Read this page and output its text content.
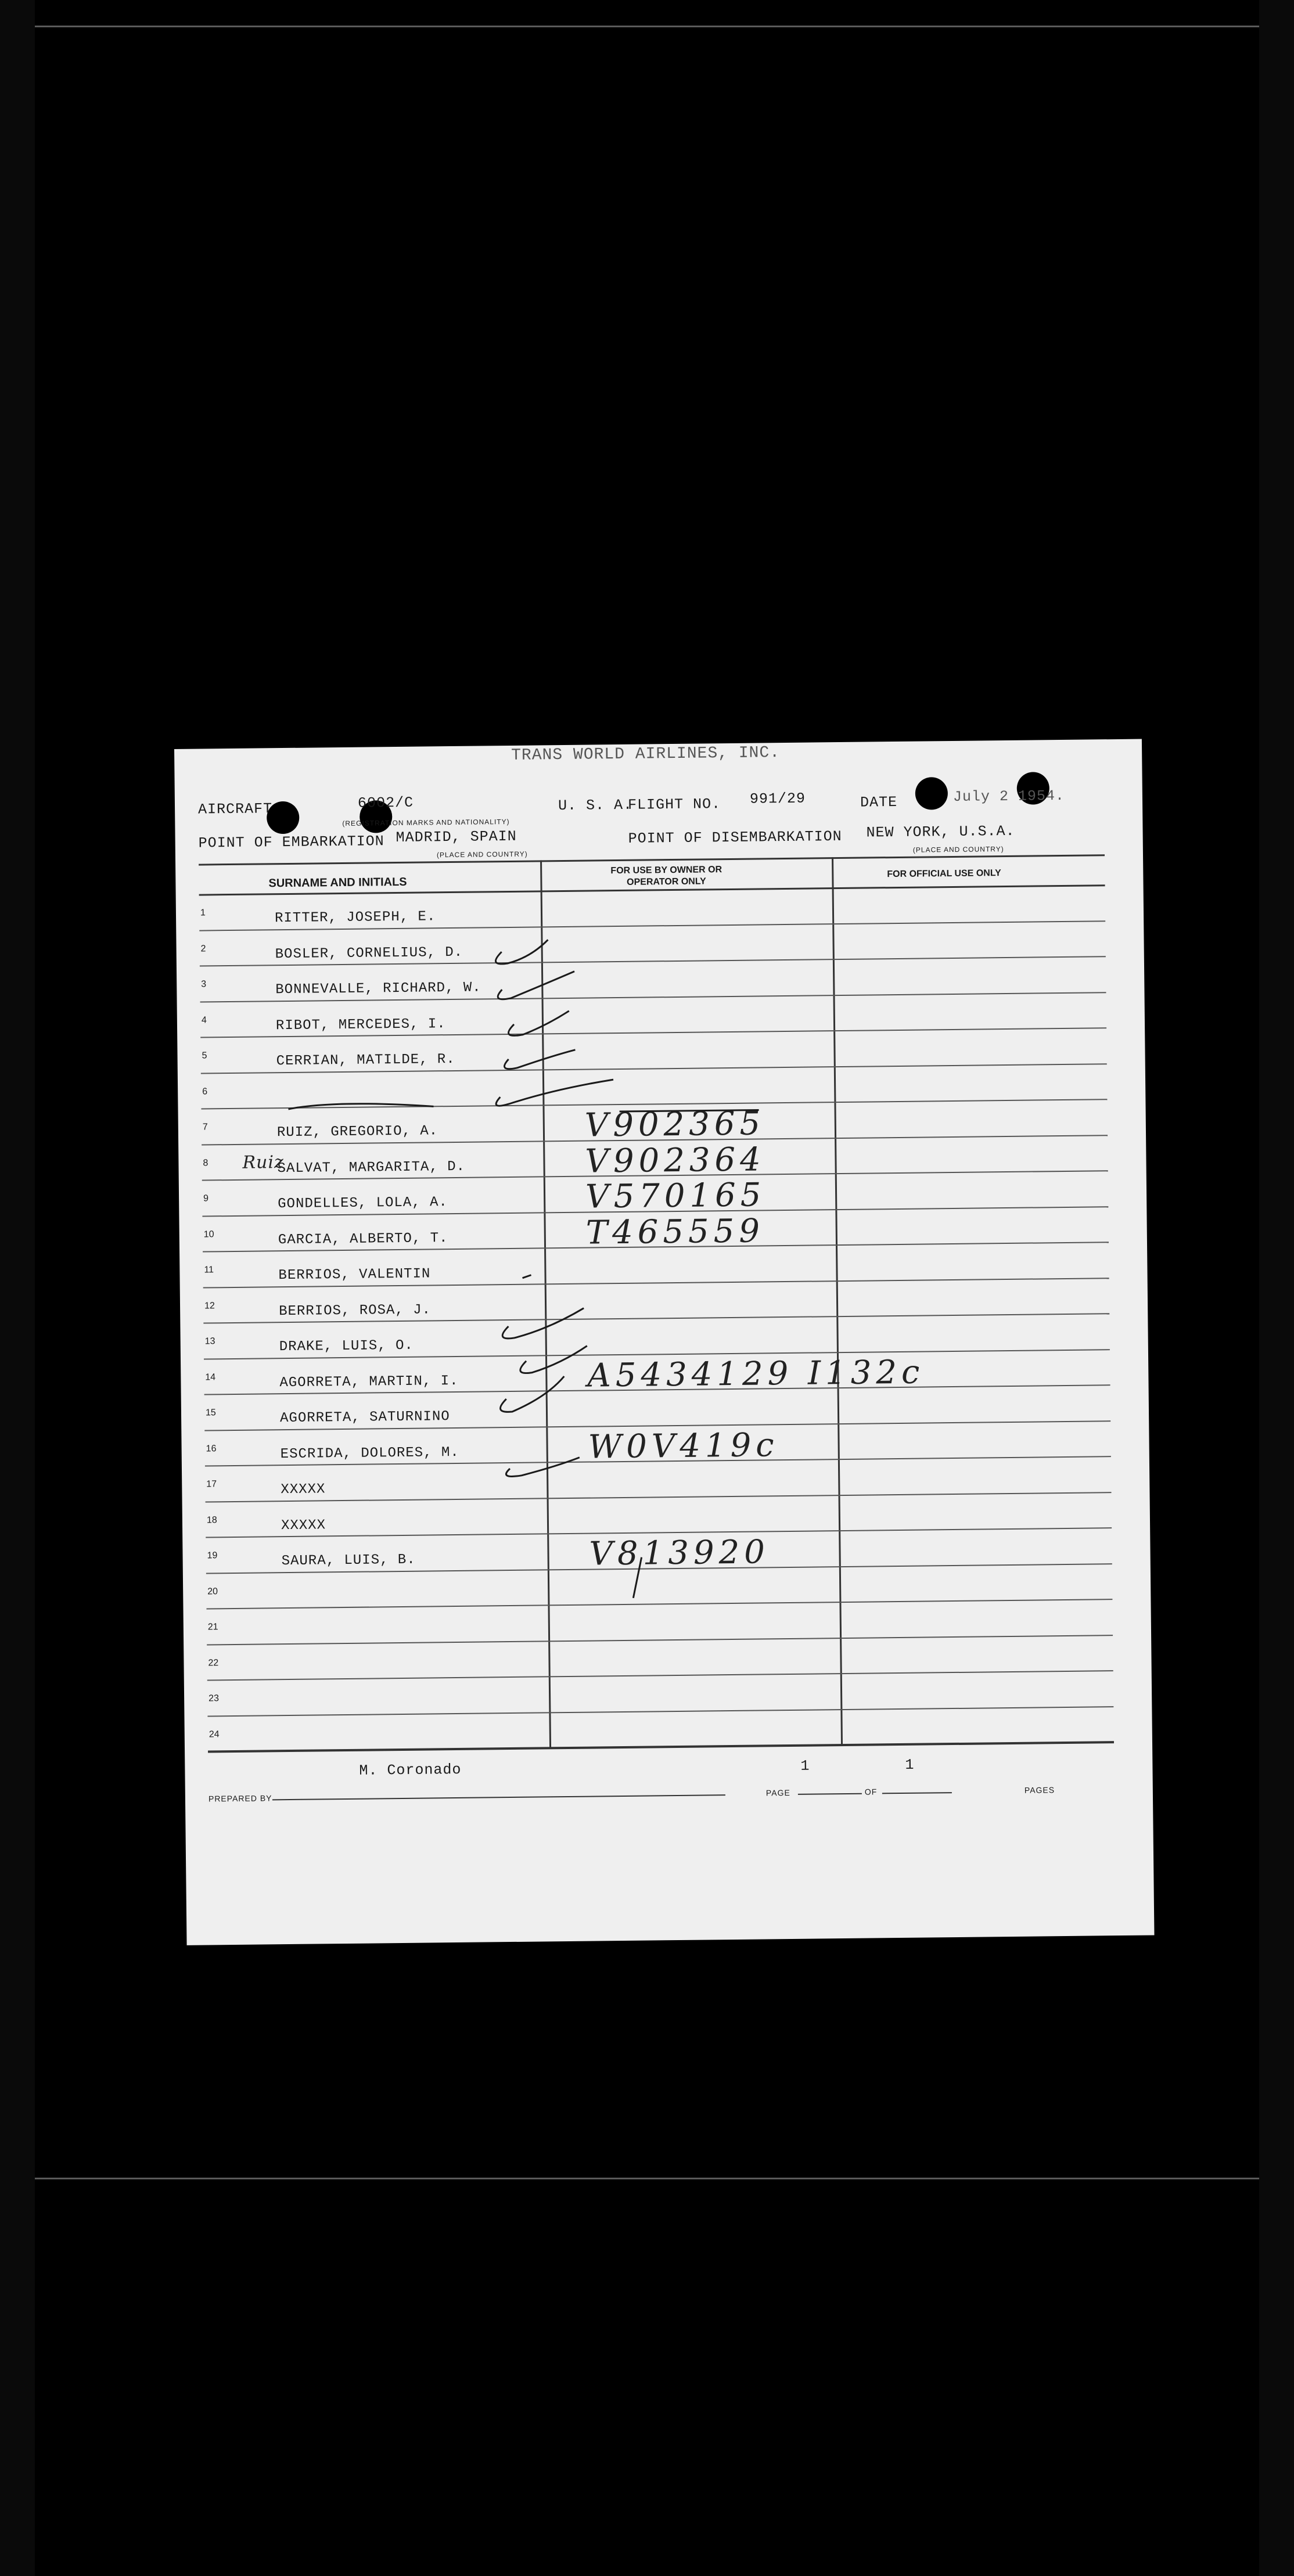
TRANS WORLD AIRLINES, INC.
AIRCRAFT	6002/C
(REGISTRATION MARKS AND NATIONALITY)
U. S. A.
FLIGHT NO. 991/29	DATE	July 2 1954.
POINT OF EMBARKATION MADRID, SPAIN
(PLACE AND COUNTRY)
POINT OF DISEMBARKATION NEW YORK, U.S.A.
(PLACE AND COUNTRY)
SURNAME AND INITIALS
FOR USE BY OWNER OR OPERATOR ONLY
FOR OFFICIAL USE ONLY
1	RITTER, JOSEPH, E.
2	BOSLER, CORNELIUS, D.
3	BONNEVALLE, RICHARD, W.
4	RIBOT, MERCEDES, I.
5	CERRIAN, MATILDE, R.
6
7	RUIZ, GREGORIO, A.	V902365
8	SALVAT, MARGARITA, D.	V902364
9	GONDELLES, LOLA, A.	V570165
10	GARCIA, ALBERTO, T.	T465559
11	BERRIOS, VALENTIN
12	BERRIOS, ROSA, J.
13	DRAKE, LUIS, O.
14	AGORRETA, MARTIN, I.	A5434129 I132c
15	AGORRETA, SATURNINO
16	ESCRIDA, DOLORES, M.	W0V419c
17	XXXXX
18	XXXXX
19	SAURA, LUIS, B.	V813920
20
21
22
23
24
M. Coronado
PREPARED BY
1
PAGE	OF
1
PAGES
Ruiz
